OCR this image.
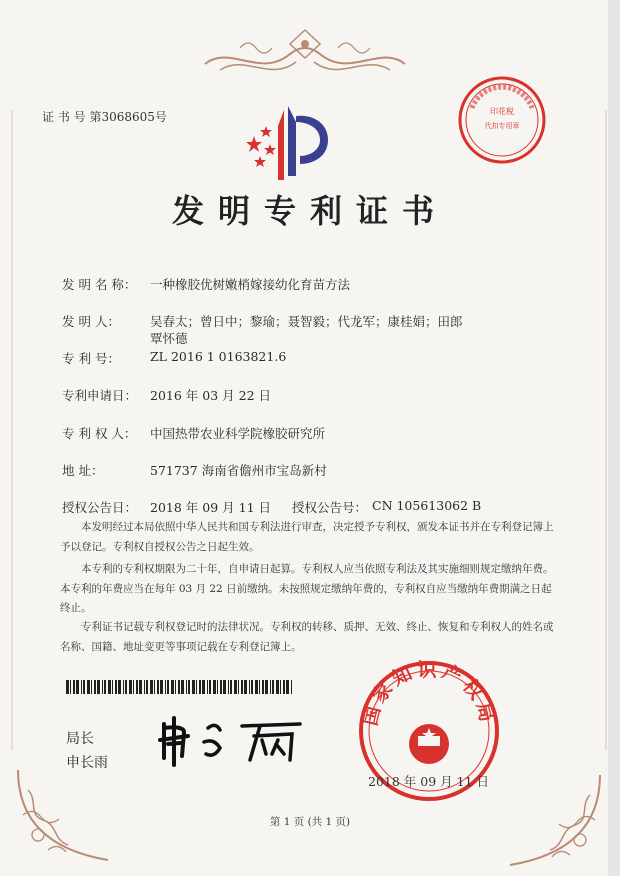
证 书 号 第3068605号	印花税
代扣专用章
发明专利证书
发 明 名 称： 一种橡胶优树嫩梢嫁接幼化育苗方法
发 明 人： 吴春太；曾日中；黎瑜；聂智毅；代龙军；康桂娟；田郎
覃怀德
专 利 号： ZL 2016 1 0163821.6
专利申请日： 2016 年 03 月 22 日
专 利 权 人： 中国热带农业科学院橡胶研究所
地 址：	571737 海南省儋州市宝岛新村
授权公告日： 2018 年 09 月 11 日 授权公告号： CN 105613062 B
本发明经过本局依照中华人民共和国专利法进行审查，决定授予专利权，颁发本证书并在专利登记簿上予以登记。专利权自授权公告之日起生效。
本专利的专利权期限为二十年，自申请日起算。专利权人应当依照专利法及其实施细则规定缴纳年费。本专利的年费应当在每年 03 月 22 日前缴纳。未按照规定缴纳年费的，专利权自应当缴纳年费期满之日起终止。
专利证书记载专利权登记时的法律状况。专利权的转移、质押、无效、终止、恢复和专利权人的姓名或名称、国籍、地址变更等事项记载在专利登记簿上。
局长
申长雨
国家知识产权局
2018 年 09 月 11 日
第 1 页 (共 1 页)
